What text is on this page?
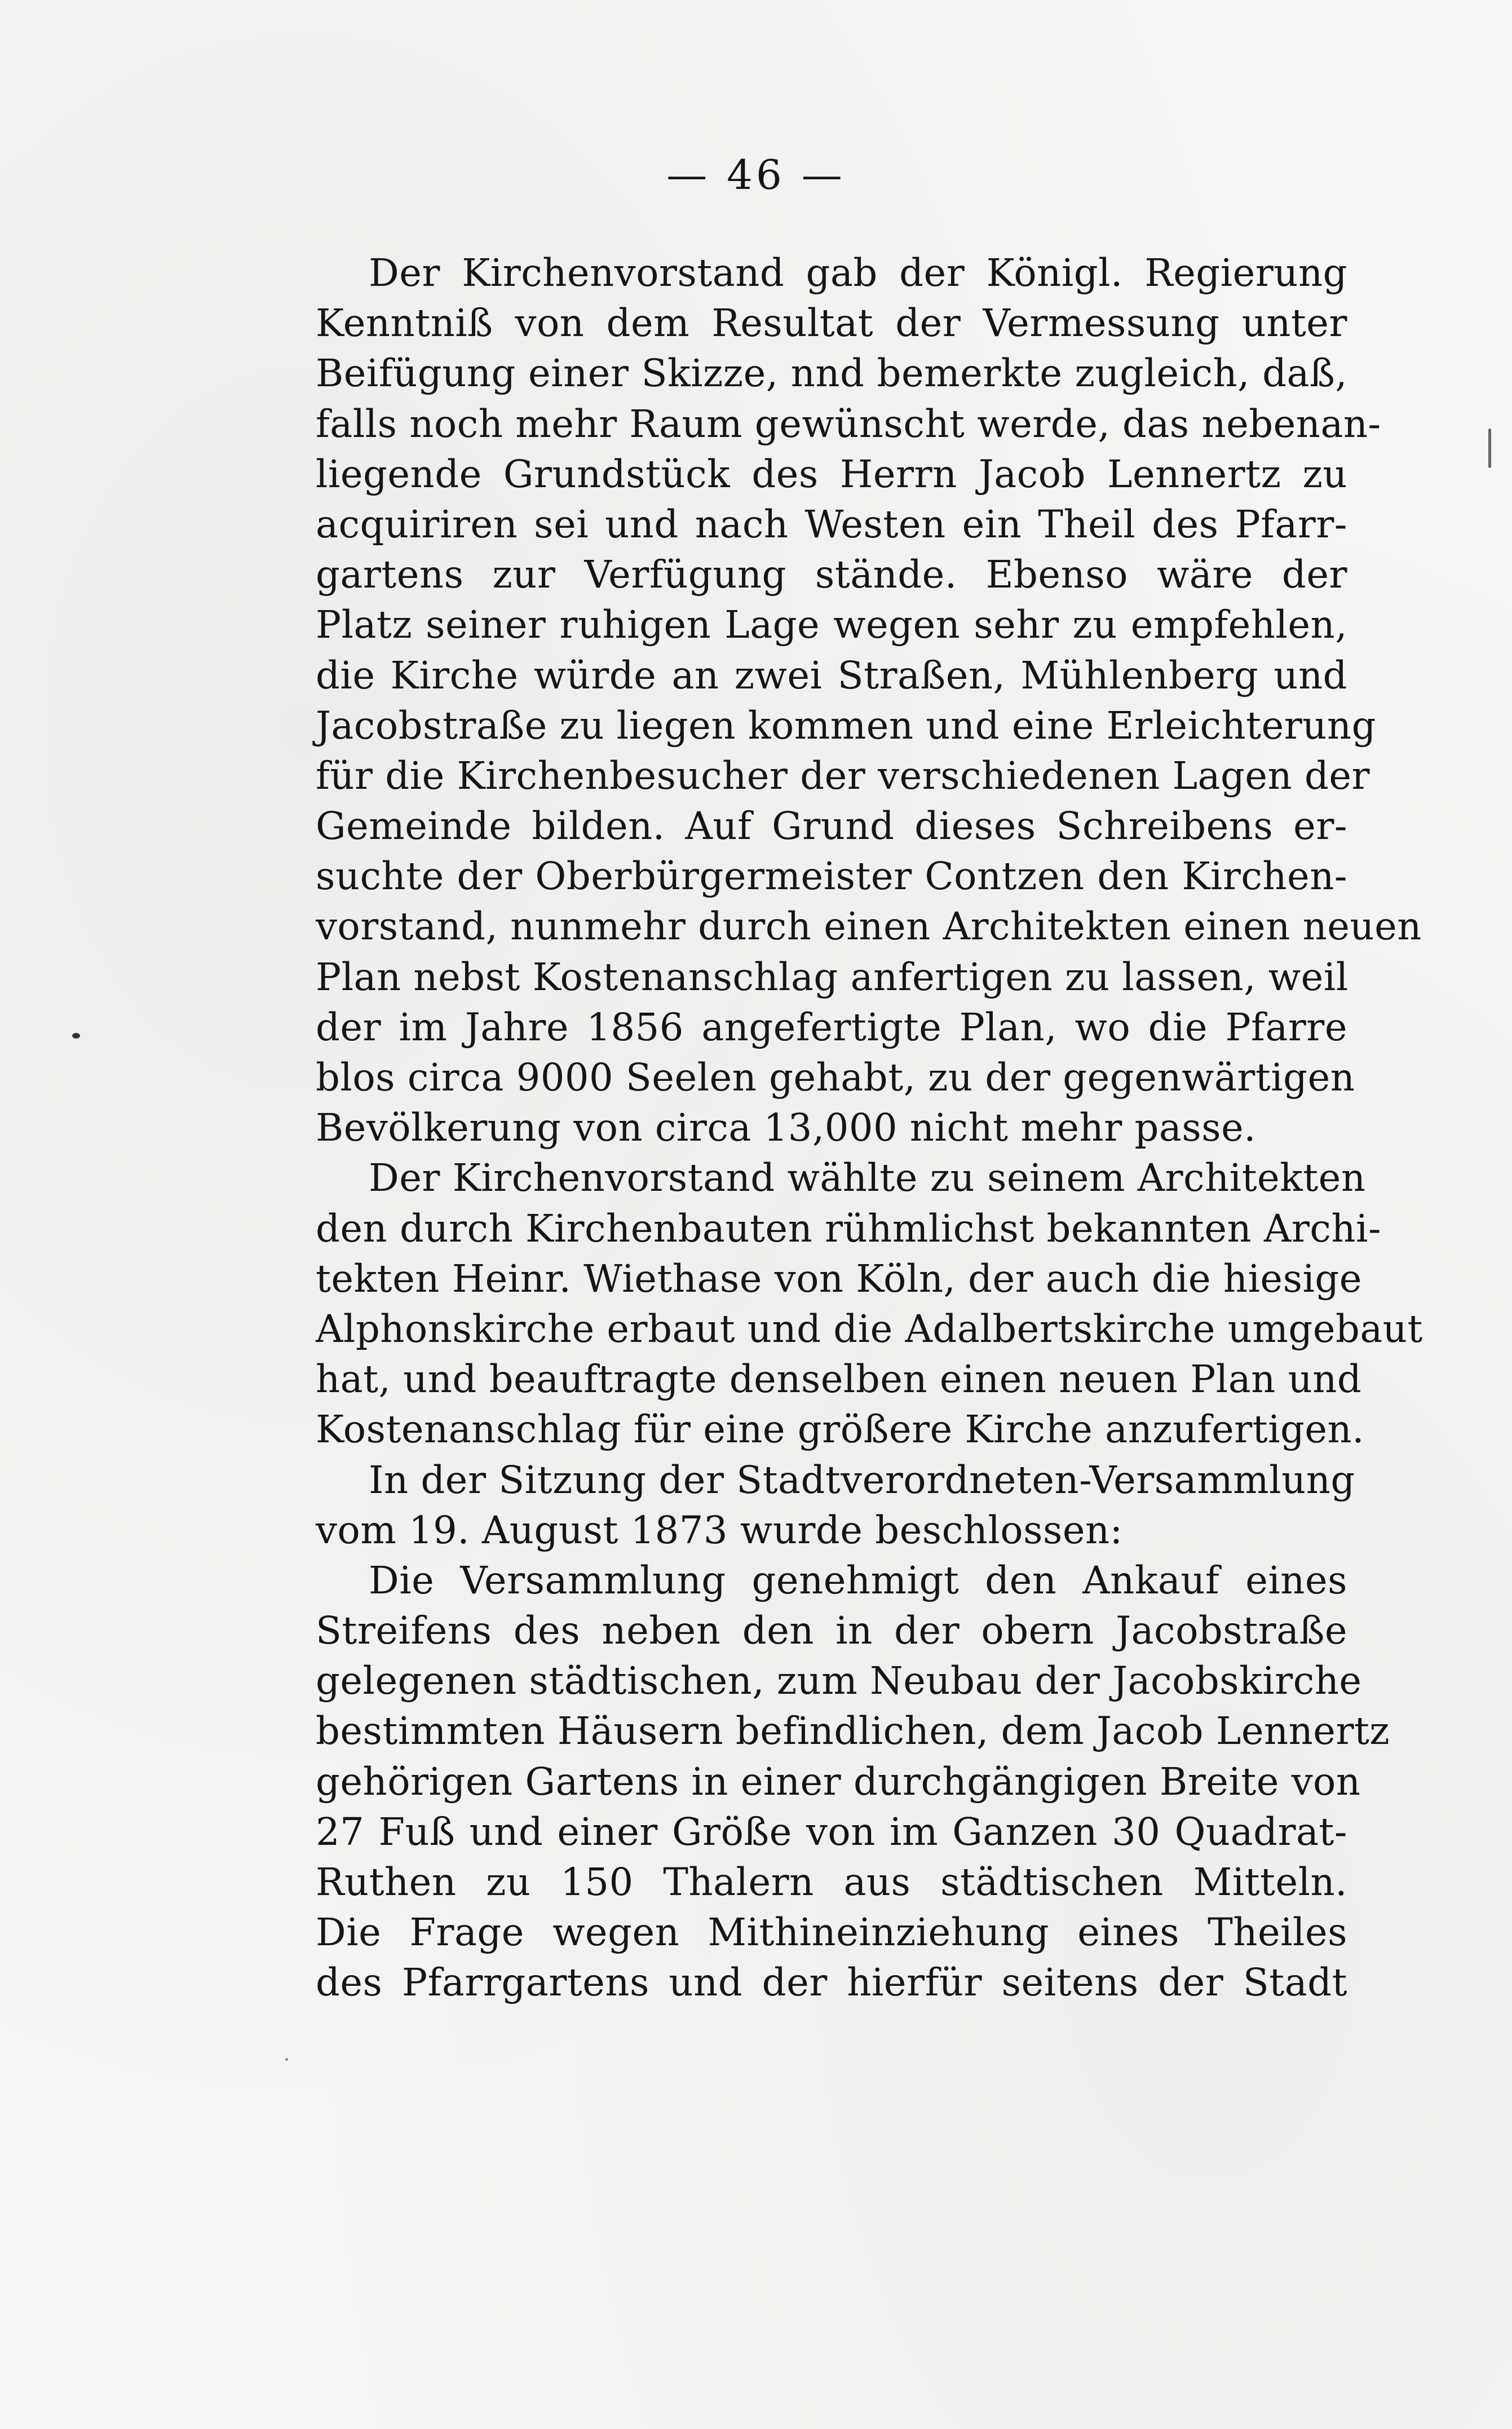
— 46 —
Der Kirchenvorstand gab der Königl. Regierung
Kenntniß von dem Resultat der Vermessung unter
Beifügung einer Skizze, nnd bemerkte zugleich, daß,
falls noch mehr Raum gewünscht werde, das nebenan-
liegende Grundstück des Herrn Jacob Lennertz zu
acquiriren sei und nach Westen ein Theil des Pfarr-
gartens zur Verfügung stände. Ebenso wäre der
Platz seiner ruhigen Lage wegen sehr zu empfehlen,
die Kirche würde an zwei Straßen, Mühlenberg und
Jacobstraße zu liegen kommen und eine Erleichterung
für die Kirchenbesucher der verschiedenen Lagen der
Gemeinde bilden. Auf Grund dieses Schreibens er-
suchte der Oberbürgermeister Contzen den Kirchen-
vorstand, nunmehr durch einen Architekten einen neuen
Plan nebst Kostenanschlag anfertigen zu lassen, weil
der im Jahre 1856 angefertigte Plan, wo die Pfarre
blos circa 9000 Seelen gehabt, zu der gegenwärtigen
Bevölkerung von circa 13,000 nicht mehr passe.
Der Kirchenvorstand wählte zu seinem Architekten
den durch Kirchenbauten rühmlichst bekannten Archi-
tekten Heinr. Wiethase von Köln, der auch die hiesige
Alphonskirche erbaut und die Adalbertskirche umgebaut
hat, und beauftragte denselben einen neuen Plan und
Kostenanschlag für eine größere Kirche anzufertigen.
In der Sitzung der Stadtverordneten-Versammlung
vom 19. August 1873 wurde beschlossen:
Die Versammlung genehmigt den Ankauf eines
Streifens des neben den in der obern Jacobstraße
gelegenen städtischen, zum Neubau der Jacobskirche
bestimmten Häusern befindlichen, dem Jacob Lennertz
gehörigen Gartens in einer durchgängigen Breite von
27 Fuß und einer Größe von im Ganzen 30 Quadrat-
Ruthen zu 150 Thalern aus städtischen Mitteln.
Die Frage wegen Mithineinziehung eines Theiles
des Pfarrgartens und der hierfür seitens der Stadt
